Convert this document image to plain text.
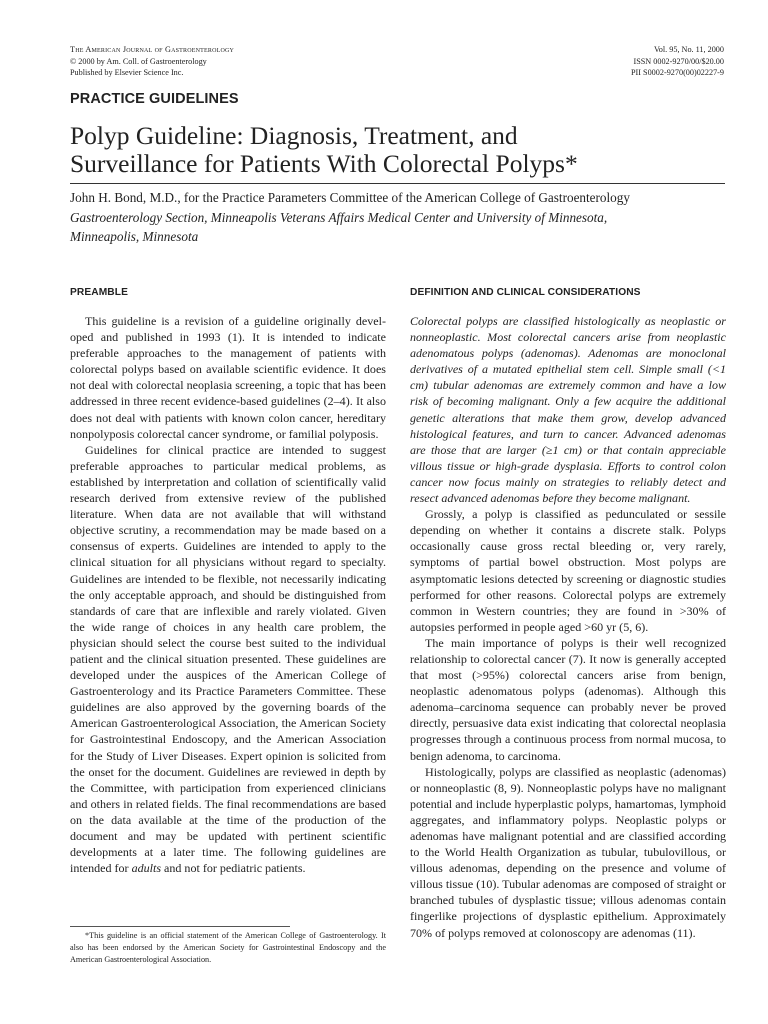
The American Journal of Gastroenterology
© 2000 by Am. Coll. of Gastroenterology
Published by Elsevier Science Inc.
Vol. 95, No. 11, 2000
ISSN 0002-9270/00/$20.00
PII S0002-9270(00)02227-9
PRACTICE GUIDELINES
Polyp Guideline: Diagnosis, Treatment, and
Surveillance for Patients With Colorectal Polyps*
John H. Bond, M.D., for the Practice Parameters Committee of the American College of Gastroenterology
Gastroenterology Section, Minneapolis Veterans Affairs Medical Center and University of Minnesota,
Minneapolis, Minnesota
PREAMBLE

This guideline is a revision of a guideline originally developed and published in 1993 (1). It is intended to indicate preferable approaches to the management of patients with colorectal polyps based on available scientific evidence. It does not deal with colorectal neoplasia screening, a topic that has been addressed in three recent evidence-based guidelines (2–4). It also does not deal with patients with known colon cancer, hereditary nonpolyposis colorectal cancer syndrome, or familial polyposis.

Guidelines for clinical practice are intended to suggest preferable approaches to particular medical problems, as established by interpretation and collation of scientifically valid research derived from extensive review of the published literature. When data are not available that will withstand objective scrutiny, a recommendation may be made based on a consensus of experts. Guidelines are intended to apply to the clinical situation for all physicians without regard to specialty. Guidelines are intended to be flexible, not necessarily indicating the only acceptable approach, and should be distinguished from standards of care that are inflexible and rarely violated. Given the wide range of choices in any health care problem, the physician should select the course best suited to the individual patient and the clinical situation presented. These guidelines are developed under the auspices of the American College of Gastroenterology and its Practice Parameters Committee. These guidelines are also approved by the governing boards of the American Gastroenterological Association, the American Society for Gastrointestinal Endoscopy, and the American Association for the Study of Liver Diseases. Expert opinion is solicited from the onset for the document. Guidelines are reviewed in depth by the Committee, with participation from experienced clinicians and others in related fields. The final recommendations are based on the data available at the time of the production of the document and may be updated with pertinent scientific developments at a later time. The following guidelines are intended for adults and not for pediatric patients.

*This guideline is an official statement of the American College of Gastroenterology. It also has been endorsed by the American Society for Gastrointestinal Endoscopy and the American Gastroenterological Association.
DEFINITION AND CLINICAL CONSIDERATIONS

Colorectal polyps are classified histologically as neoplastic or nonneoplastic. Most colorectal cancers arise from neoplastic adenomatous polyps (adenomas). Adenomas are monoclonal derivatives of a mutated epithelial stem cell. Simple small (<1 cm) tubular adenomas are extremely common and have a low risk of becoming malignant. Only a few acquire the additional genetic alterations that make them grow, develop advanced histological features, and turn to cancer. Advanced adenomas are those that are larger (≥1 cm) or that contain appreciable villous tissue or high-grade dysplasia. Efforts to control colon cancer now focus mainly on strategies to reliably detect and resect advanced adenomas before they become malignant.

Grossly, a polyp is classified as pedunculated or sessile depending on whether it contains a discrete stalk. Polyps occasionally cause gross rectal bleeding or, very rarely, symptoms of partial bowel obstruction. Most polyps are asymptomatic lesions detected by screening or diagnostic studies performed for other reasons. Colorectal polyps are extremely common in Western countries; they are found in >30% of autopsies performed in people aged >60 yr (5, 6).

The main importance of polyps is their well recognized relationship to colorectal cancer (7). It now is generally accepted that most (>95%) colorectal cancers arise from benign, neoplastic adenomatous polyps (adenomas). Although this adenoma–carcinoma sequence can probably never be proved directly, persuasive data exist indicating that colorectal neoplasia progresses through a continuous process from normal mucosa, to benign adenoma, to carcinoma.

Histologically, polyps are classified as neoplastic (adenomas) or nonneoplastic (8, 9). Nonneoplastic polyps have no malignant potential and include hyperplastic polyps, hamartomas, lymphoid aggregates, and inflammatory polyps. Neoplastic polyps or adenomas have malignant potential and are classified according to the World Health Organization as tubular, tubulovillous, or villous adenomas, depending on the presence and volume of villous tissue (10). Tubular adenomas are composed of straight or branched tubules of dysplastic tissue; villous adenomas contain fingerlike projections of dysplastic epithelium. Approximately 70% of polyps removed at colonoscopy are adenomas (11).
